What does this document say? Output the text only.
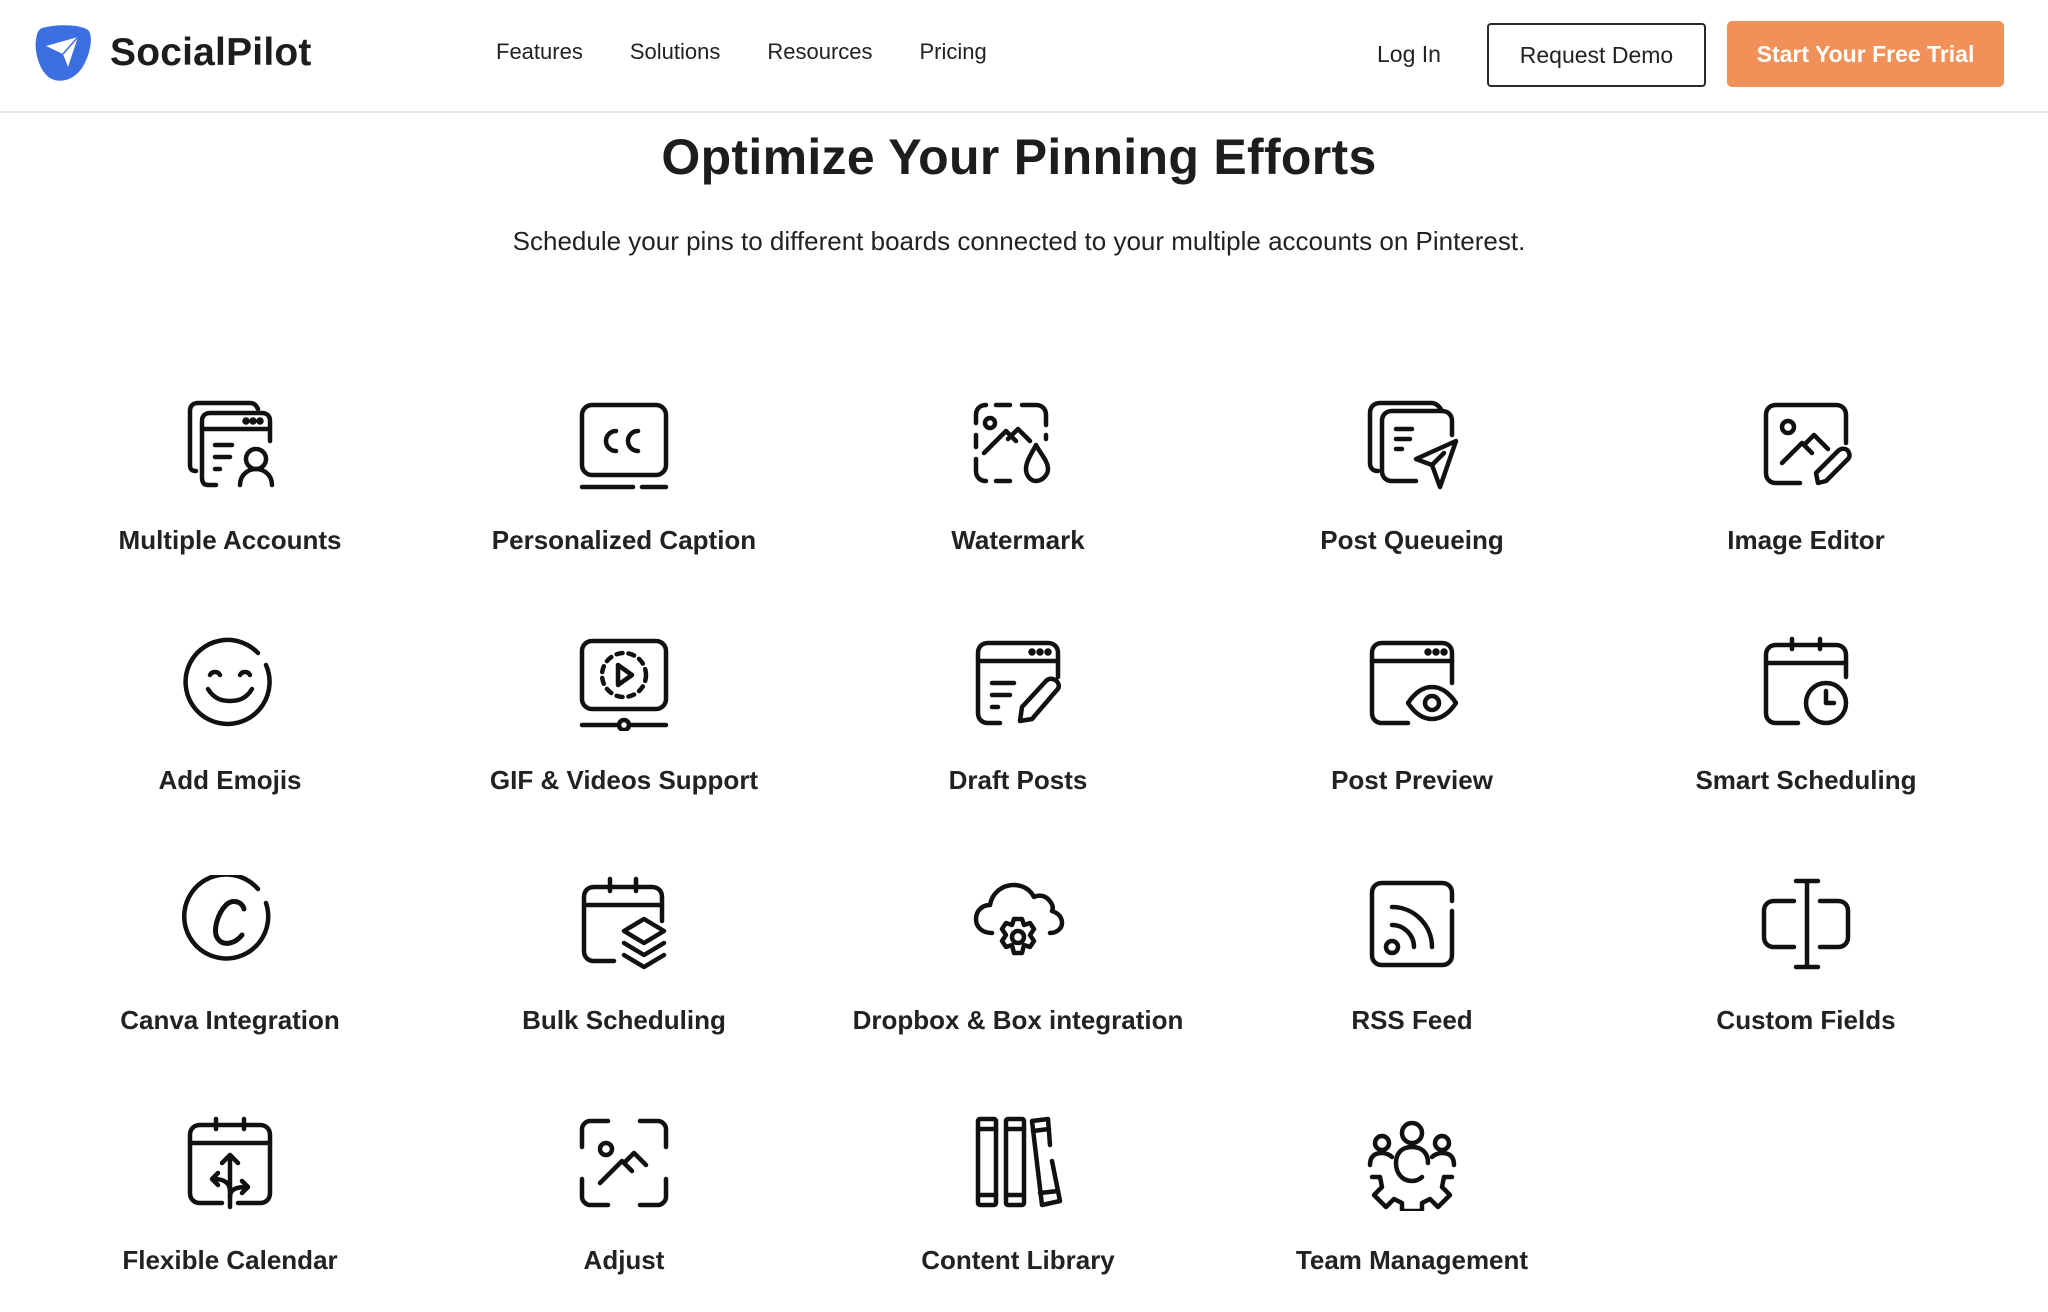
SocialPilot	Features Solutions Resources Pricing	Log In	Request Demo	Start Your Free Trial
Optimize Your Pinning Efforts

Schedule your pins to different boards connected to your multiple accounts on Pinterest.

Multiple Accounts	Personalized Caption	Watermark	Post Queueing	Image Editor
Add Emojis	GIF & Videos Support	Draft Posts	Post Preview	Smart Scheduling
Canva Integration	Bulk Scheduling	Dropbox & Box integration	RSS Feed	Custom Fields
Flexible Calendar	Adjust	Content Library	Team Management
